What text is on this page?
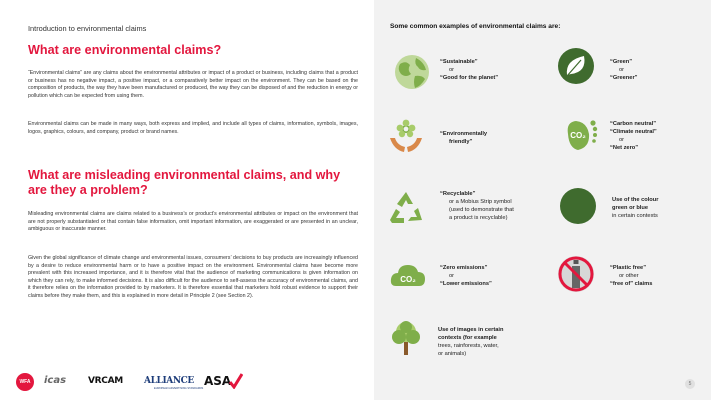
Introduction to environmental claims
What are environmental claims?
“Environmental claims” are any claims about the environmental attributes or impact of a product or business, including claims that a product or business has no negative impact, a positive impact, or a comparatively better impact on the environment. They can be based on the composition of products, the way they have been manufactured or produced, the way they can be disposed of and the reduction in energy or pollution which can be expected from using them.
Environmental claims can be made in many ways, both express and implied, and include all types of claims, information, symbols, images, logos, graphics, colours, and company, product or brand names.
What are misleading environmental claims, and why are they a problem?
Misleading environmental claims are claims related to a business’s or product’s environmental attributes or impact on the environment that are not properly substantiated or that contain false information, omit important information, are exaggerated or are presented in an unclear, ambiguous or inaccurate manner.
Given the global significance of climate change and environmental issues, consumers’ decisions to buy products are increasingly influenced by a desire to reduce environmental harm or to have a positive impact on the environment. Environmental claims have become more prevalent with this increased importance, and it is therefore vital that the audience of marketing communications is given information on which they can rely, to make informed decisions. It is also difficult for the audience to self-assess the accuracy of environmental claims, and it therefore relies on the information provided to by marketers. It is therefore essential that marketers hold robust evidence to support their claims before they make them, and this is explained in more detail in Principle 2 (see Section 2).
WFA	icas VRCAM ALLIANCE
EUROPEAN ADVERTISING STANDARDS
ASA
Some common examples of environmental claims are:
“Sustainable”
or
“Good for the planet”
“Green”
or
“Greener”
“Environmentally
friendly”
CO₂
“Carbon neutral”
“Climate neutral”
or
“Net zero”
“Recyclable”
or a Mobius Strip symbol
(used to demonstrate that
a product is recyclable)
Use of the colour
green or blue
in certain contexts
CO₂
“Zero emissions”
or
“Lower emissions”
“Plastic free”
or other
“free of” claims
Use of images in certain
contexts (for example
trees, rainforests, water,
or animals)
5
